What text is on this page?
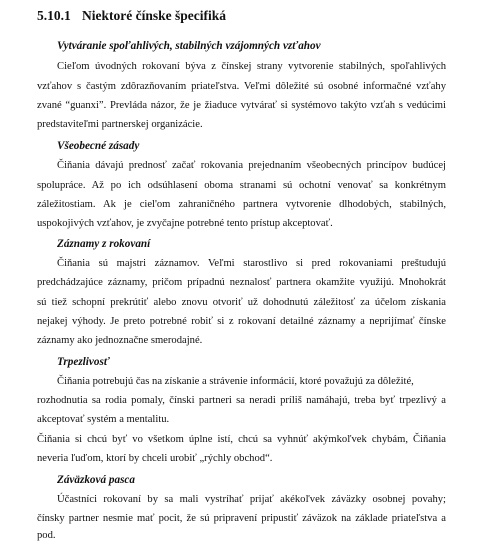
5.10.1 Niektoré čínske špecifiká
Vytváranie spoľahlivých, stabilných vzájomných vzťahov
Cieľom úvodných rokovaní býva z čínskej strany vytvorenie stabilných, spoľahlivých
vzťahov s častým zdôrazňovaním priateľstva. Veľmi dôležité sú osobné informačné vzťahy
zvané “guanxi”. Prevláda názor, že je žiaduce vytvárať si systémovo takýto vzťah s vedúcimi
predstaviteľmi partnerskej organizácie.
Všeobecné zásady
Čiňania dávajú prednosť začať rokovania prejednaním všeobecných princípov budúcej
spolupráce. Až po ich odsúhlasení oboma stranami sú ochotní venovať sa konkrétnym
záležitostiam. Ak je ciel'om zahraničného partnera vytvorenie dlhodobých, stabilných,
uspokojivých vzťahov, je zvyčajne potrebné tento prístup akceptovať.
Záznamy z rokovaní
Čiňania sú majstri záznamov. Veľmi starostlivo si pred rokovaniami preštudujú
predchádzajúce záznamy, pričom prípadnú neznalosť partnera okamžite využijú. Mnohokrát
sú tiež schopní prekrútiť alebo znovu otvoriť už dohodnutú záležitosť za účelom získania
nejakej výhody. Je preto potrebné robiť si z rokovaní detailné záznamy a neprijímať čínske
záznamy ako jednoznačne smerodajné.
Trpezlivosť
Čiňania potrebujú čas na získanie a strávenie informácií, ktoré považujú za dôležité,
rozhodnutia sa rodia pomaly, čínski partneri sa neradi príliš namáhajú, treba byť trpezlivý a
akceptovať systém a mentalitu.
Čiňania si chcú byť vo všetkom úplne istí, chcú sa vyhnúť akýmkoľvek chybám, Čiňania
neveria ľuďom, ktorí by chceli urobiť „rýchly obchod“.
Záväzková pasca
Účastníci rokovaní by sa mali vystríhať prijať akékoľvek záväzky osobnej povahy;
čínsky partner nesmie mať pocit, že sú pripravení pripustiť záväzok na základe priateľstva a
pod.
